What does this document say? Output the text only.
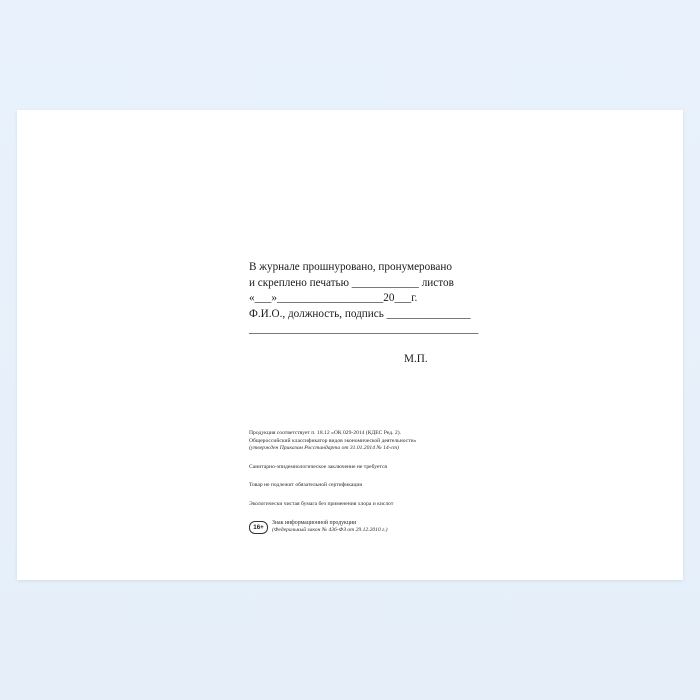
В журнале прошнуровано, пронумеровано
и скреплено печатью ____________ листов
«___»___________________20___г.
Ф.И.О., должность, подпись _______________
_________________________________________
М.П.
Продукция соответствует п. 18.12 «ОК 029-2014 (КДЕС Ред. 2).
Общероссийский классификатор видов экономической деятельности»
(утвержден Приказом Росстандарта от 31.01.2014 № 14-ст)
Санитарно-эпидемиологическое заключение не требуется
Товар не подлежит обязательной сертификации
Экологически чистая бумага без применения хлора и кислот
16+
Знак информационной продукции
(Федеральный закон № 436-ФЗ от 29.12.2010 г.)
